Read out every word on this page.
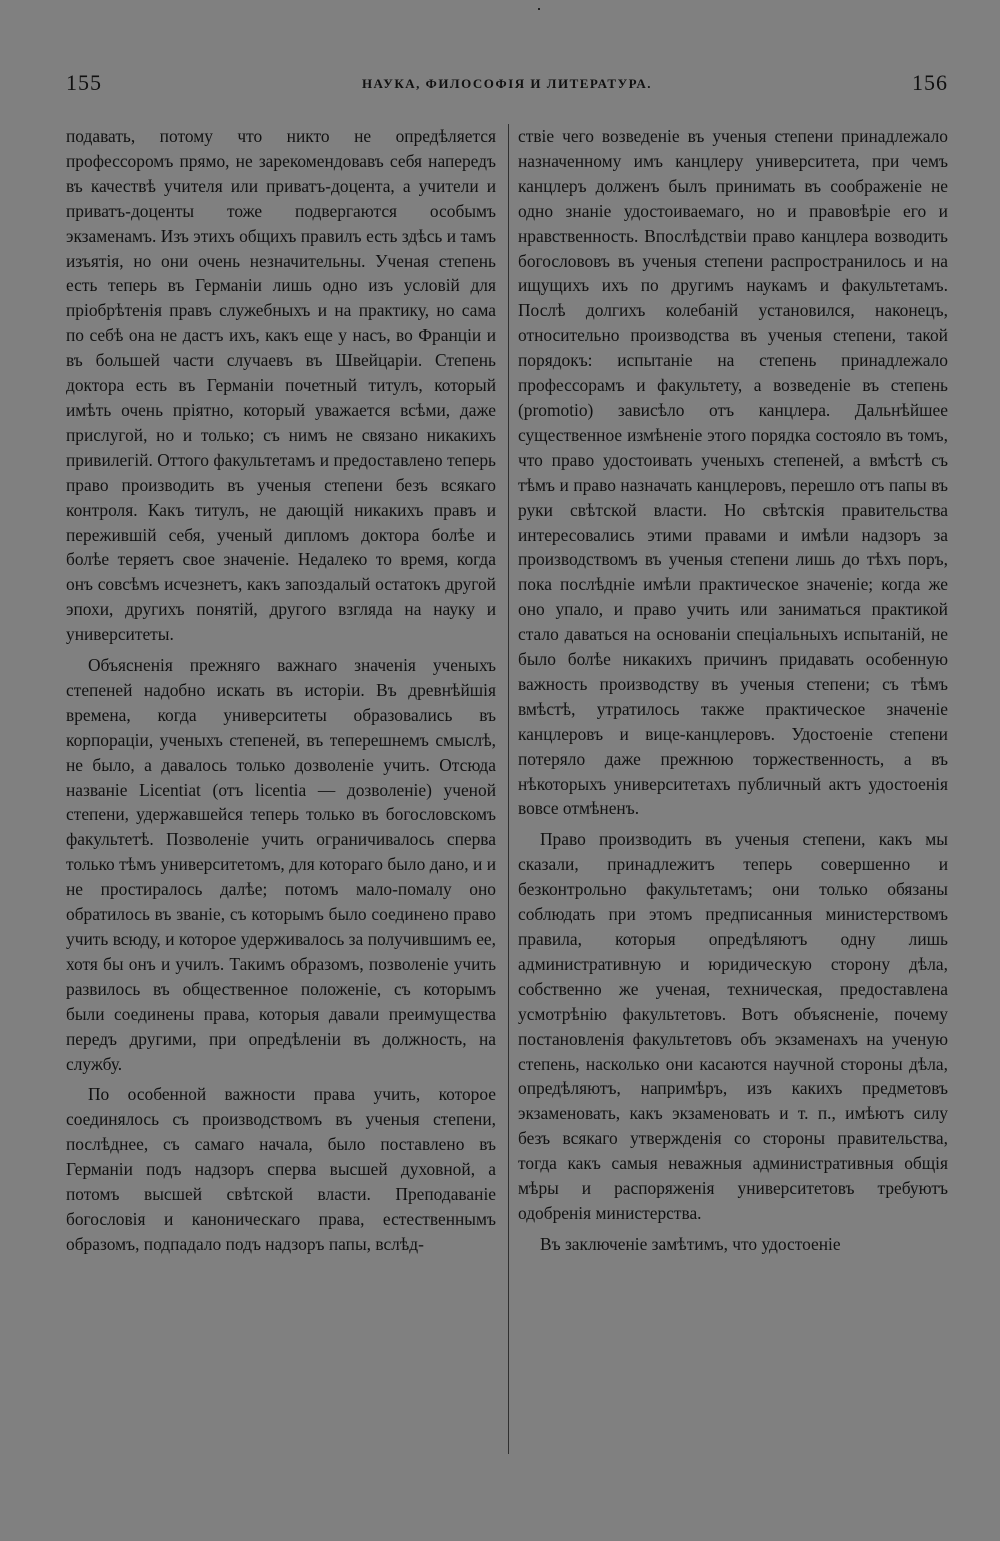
155	НАУКА, ФИЛОСОФІЯ И ЛИТЕРАТУРА.	156

подавать, потому что никто не опредѣляется профессоромъ прямо, не зарекомендовавъ себя напередъ въ качествѣ учителя или приватъ-доцента, а учители и приватъ-доценты тоже подвергаются особымъ экзаменамъ. Изъ этихъ общихъ правилъ есть здѣсь и тамъ изъятія, но они очень незначительны. Ученая степень есть теперь въ Германіи лишь одно изъ условій для пріобрѣтенія правъ служебныхъ и на практику, но сама по себѣ она не дастъ ихъ, какъ еще у насъ, во Франціи и въ большей части случаевъ въ Швейцаріи. Степень доктора есть въ Германіи почетный титулъ, который имѣть очень пріятно, который уважается всѣми, даже прислугой, но и только; съ нимъ не связано никакихъ привилегій. Оттого факультетамъ и предоставлено теперь право производить въ ученыя степени безъ всякаго контроля. Какъ титулъ, не дающій никакихъ правъ и пережившій себя, ученый дипломъ доктора болѣе и болѣе теряетъ свое значеніе. Недалеко то время, когда онъ совсѣмъ исчезнетъ, какъ запоздалый остатокъ другой эпохи, другихъ понятій, другого взгляда на науку и университеты.

Объясненія прежняго важнаго значенія ученыхъ степеней надобно искать въ исторіи. Въ древнѣйшія времена, когда университеты образовались въ корпораціи, ученыхъ степеней, въ теперешнемъ смыслѣ, не было, а давалось только дозволеніе учить. Отсюда названіе Licentiat (отъ licentia — дозволеніе) ученой степени, удержавшейся теперь только въ богословскомъ факультетѣ. Позволеніе учить ограничивалось сперва только тѣмъ университетомъ, для котораго было дано, и и не простиралось далѣе; потомъ мало-помалу оно обратилось въ званіе, съ которымъ было соединено право учить всюду, и которое удерживалось за получившимъ ее, хотя бы онъ и училъ. Такимъ образомъ, позволеніе учить развилось въ общественное положеніе, съ которымъ были соединены права, которыя давали преимущества передъ другими, при опредѣленіи въ должность, на службу.

По особенной важности права учить, которое соединялось съ производствомъ въ ученыя степени, послѣднее, съ самаго начала, было поставлено въ Германіи подъ надзоръ сперва высшей духовной, а потомъ высшей свѣтской власти. Преподаваніе богословія и каноническаго права, естественнымъ образомъ, подпадало подъ надзоръ папы, вслѣд-

ствіе чего возведеніе въ ученыя степени принадлежало назначенному имъ канцлеру университета, при чемъ канцлеръ долженъ былъ принимать въ соображеніе не одно знаніе удостоиваемаго, но и правовѣріе его и нравственность. Впослѣдствіи право канцлера возводить богослововъ въ ученыя степени распространилось и на ищущихъ ихъ по другимъ наукамъ и факультетамъ. Послѣ долгихъ колебаній установился, наконецъ, относительно производства въ ученыя степени, такой порядокъ: испытаніе на степень принадлежало профессорамъ и факультету, а возведеніе въ степень (promotio) зависѣло отъ канцлера. Дальнѣйшее существенное измѣненіе этого порядка состояло въ томъ, что право удостоивать ученыхъ степеней, а вмѣстѣ съ тѣмъ и право назначать канцлеровъ, перешло отъ папы въ руки свѣтской власти. Но свѣтскія правительства интересовались этими правами и имѣли надзоръ за производствомъ въ ученыя степени лишь до тѣхъ поръ, пока послѣдніе имѣли практическое значеніе; когда же оно упало, и право учить или заниматься практикой стало даваться на основаніи спеціальныхъ испытаній, не было болѣе никакихъ причинъ придавать особенную важность производству въ ученыя степени; съ тѣмъ вмѣстѣ, утратилось также практическое значеніе канцлеровъ и вице-канцлеровъ. Удостоеніе степени потеряло даже прежнюю торжественность, а въ нѣкоторыхъ университетахъ публичный актъ удостоенія вовсе отмѣненъ.

Право производить въ ученыя степени, какъ мы сказали, принадлежитъ теперь совершенно и безконтрольно факультетамъ; они только обязаны соблюдать при этомъ предписанныя министерствомъ правила, которыя опредѣляютъ одну лишь административную и юридическую сторону дѣла, собственно же ученая, техническая, предоставлена усмотрѣнію факультетовъ. Вотъ объясненіе, почему постановленія факультетовъ объ экзаменахъ на ученую степень, насколько они касаются научной стороны дѣла, опредѣляютъ, напримѣръ, изъ какихъ предметовъ экзаменовать, какъ экзаменовать и т. п., имѣютъ силу безъ всякаго утвержденія со стороны правительства, тогда какъ самыя неважныя административныя общія мѣры и распоряженія университетовъ требуютъ одобренія министерства.

Въ заключеніе замѣтимъ, что удостоеніе
